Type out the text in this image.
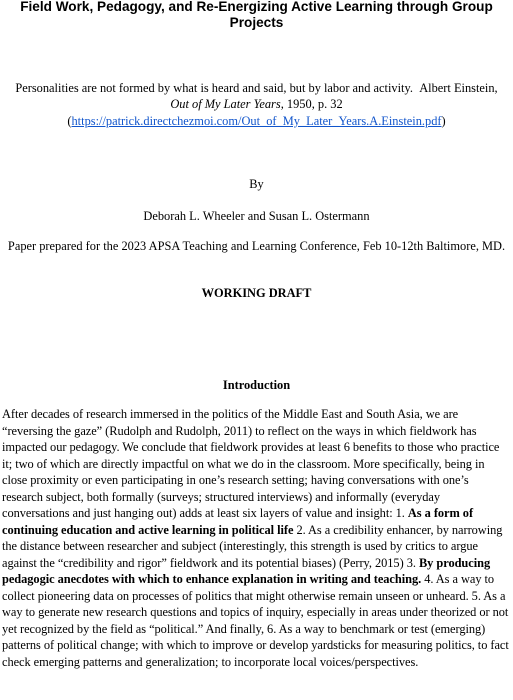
Field Work, Pedagogy, and Re-Energizing Active Learning through Group Projects

Personalities are not formed by what is heard and said, but by labor and activity. Albert Einstein,
Out of My Later Years, 1950, p. 32
(https://patrick.directchezmoi.com/Out_of_My_Later_Years.A.Einstein.pdf)

By

Deborah L. Wheeler and Susan L. Ostermann

Paper prepared for the 2023 APSA Teaching and Learning Conference, Feb 10-12th Baltimore, MD.

WORKING DRAFT

Introduction

After decades of research immersed in the politics of the Middle East and South Asia, we are “reversing the gaze” (Rudolph and Rudolph, 2011) to reflect on the ways in which fieldwork has impacted our pedagogy. We conclude that fieldwork provides at least 6 benefits to those who practice it; two of which are directly impactful on what we do in the classroom. More specifically, being in close proximity or even participating in one’s research setting; having conversations with one’s research subject, both formally (surveys; structured interviews) and informally (everyday conversations and just hanging out) adds at least six layers of value and insight: 1. As a form of continuing education and active learning in political life 2. As a credibility enhancer, by narrowing the distance between researcher and subject (interestingly, this strength is used by critics to argue against the “credibility and rigor” fieldwork and its potential biases) (Perry, 2015) 3. By producing pedagogic anecdotes with which to enhance explanation in writing and teaching. 4. As a way to collect pioneering data on processes of politics that might otherwise remain unseen or unheard. 5. As a way to generate new research questions and topics of inquiry, especially in areas under theorized or not yet recognized by the field as “political.” And finally, 6. As a way to benchmark or test (emerging) patterns of political change; with which to improve or develop yardsticks for measuring politics, to fact check emerging patterns and generalization; to incorporate local voices/perspectives.
